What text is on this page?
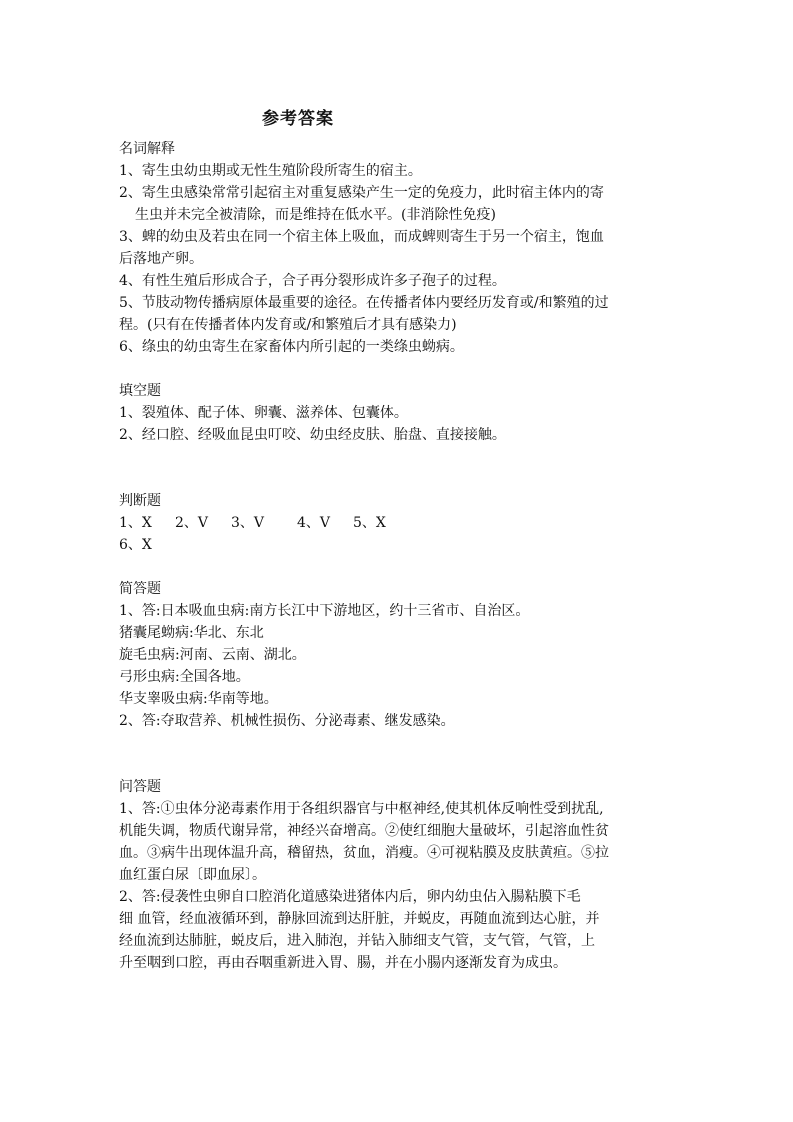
参考答案
名词解释
1、寄生虫幼虫期或无性生殖阶段所寄生的宿主。
2、寄生虫感染常常引起宿主对重复感染产生一定的免疫力，此时宿主体内的寄
生虫并未完全被清除，而是维持在低水平。(非消除性免疫)
3、蜱的幼虫及若虫在同一个宿主体上吸血，而成蜱则寄生于另一个宿主，饱血
后落地产卵。
4、有性生殖后形成合子，合子再分裂形成许多子孢子的过程。
5、节肢动物传播病原体最重要的途径。在传播者体内要经历发育或/和繁殖的过
程。(只有在传播者体内发育或/和繁殖后才具有感染力)
6、绦虫的幼虫寄生在家畜体内所引起的一类绦虫蚴病。
填空题
1、裂殖体、配子体、卵囊、滋养体、包囊体。
2、经口腔、经吸血昆虫叮咬、幼虫经皮肤、胎盘、直接接触。
判断题
1、X 2、V 3、V 4、V 5、X
6、X
简答题
1、答:日本吸血虫病:南方长江中下游地区，约十三省市、自治区。
猪囊尾蚴病:华北、东北
旋毛虫病:河南、云南、湖北。
弓形虫病:全国各地。
华支睾吸虫病:华南等地。
2、答:夺取营养、机械性损伤、分泌毒素、继发感染。
问答题
1、答:①虫体分泌毒素作用于各组织器官与中枢神经,使其机体反响性受到扰乱,
机能失调，物质代谢异常，神经兴奋增高。②使红细胞大量破坏，引起溶血性贫
血。③病牛出现体温升高，稽留热，贫血，消瘦。④可视粘膜及皮肤黄疸。⑤拉
血红蛋白尿〔即血尿〕。
2、答:侵袭性虫卵自口腔消化道感染进猪体内后，卵内幼虫佔入腸粘膜下毛
细 血管，经血液循环到，静脉回流到达肝脏，并蜕皮，再随血流到达心脏，并
经血流到达肺脏，蜕皮后，进入肺泡，并钻入肺细支气管，支气管，气管，上
升至咽到口腔，再由吞咽重新进入胃、腸，并在小腸内逐渐发育为成虫。
